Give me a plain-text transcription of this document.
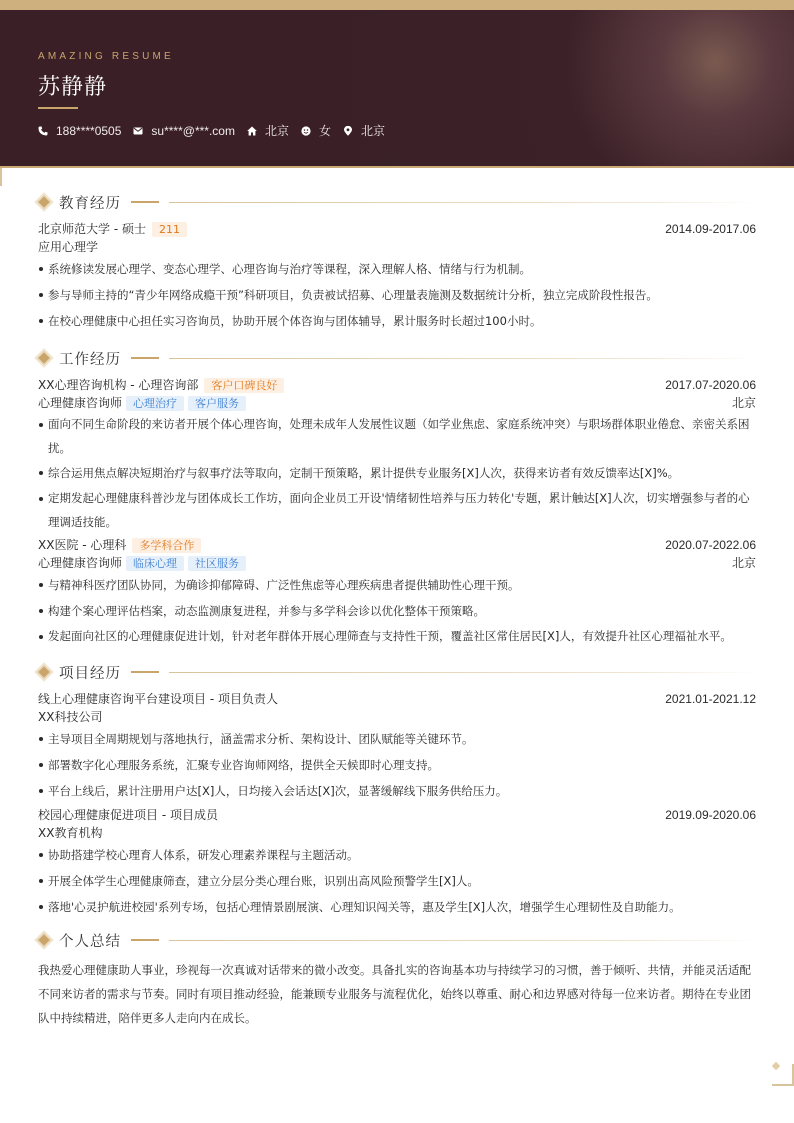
AMAZING RESUME
苏静静
188****0505	su****@***.com	北京	女	北京
教育经历
北京师范大学 - 硕士	211	2014.09-2017.06
应用心理学
系统修读发展心理学、变态心理学、心理咨询与治疗等课程，深入理解人格、情绪与行为机制。
参与导师主持的“青少年网络成瘾干预”科研项目，负责被试招募、心理量表施测及数据统计分析，独立完成阶段性报告。
在校心理健康中心担任实习咨询员，协助开展个体咨询与团体辅导，累计服务时长超过100小时。
工作经历
XX心理咨询机构 - 心理咨询部	客户口碑良好	2017.07-2020.06
心理健康咨询师	心理治疗	客户服务	北京
面向不同生命阶段的来访者开展个体心理咨询，处理未成年人发展性议题（如学业焦虑、家庭系统冲突）与职场群体职业倦怠、亲密关系困扰。
综合运用焦点解决短期治疗与叙事疗法等取向，定制干预策略，累计提供专业服务[X]人次，获得来访者有效反馈率达[X]%。
定期发起心理健康科普沙龙与团体成长工作坊，面向企业员工开设'情绪韧性培养与压力转化'专题，累计触达[X]人次，切实增强参与者的心理调适技能。
XX医院 - 心理科	多学科合作	2020.07-2022.06
心理健康咨询师	临床心理	社区服务	北京
与精神科医疗团队协同，为确诊抑郁障碍、广泛性焦虑等心理疾病患者提供辅助性心理干预。
构建个案心理评估档案，动态监测康复进程，并参与多学科会诊以优化整体干预策略。
发起面向社区的心理健康促进计划，针对老年群体开展心理筛查与支持性干预，覆盖社区常住居民[X]人，有效提升社区心理福祉水平。
项目经历
线上心理健康咨询平台建设项目 - 项目负责人	2021.01-2021.12
XX科技公司
主导项目全周期规划与落地执行，涵盖需求分析、架构设计、团队赋能等关键环节。
部署数字化心理服务系统，汇聚专业咨询师网络，提供全天候即时心理支持。
平台上线后，累计注册用户达[X]人，日均接入会话达[X]次，显著缓解线下服务供给压力。
校园心理健康促进项目 - 项目成员	2019.09-2020.06
XX教育机构
协助搭建学校心理育人体系，研发心理素养课程与主题活动。
开展全体学生心理健康筛查，建立分层分类心理台账，识别出高风险预警学生[X]人。
落地'心灵护航进校园'系列专场，包括心理情景剧展演、心理知识闯关等，惠及学生[X]人次，增强学生心理韧性及自助能力。
个人总结
我热爱心理健康助人事业，珍视每一次真诚对话带来的微小改变。具备扎实的咨询基本功与持续学习的习惯，善于倾听、共情，并能灵活适配不同来访者的需求与节奏。同时有项目推动经验，能兼顾专业服务与流程优化，始终以尊重、耐心和边界感对待每一位来访者。期待在专业团队中持续精进，陪伴更多人走向内在成长。
